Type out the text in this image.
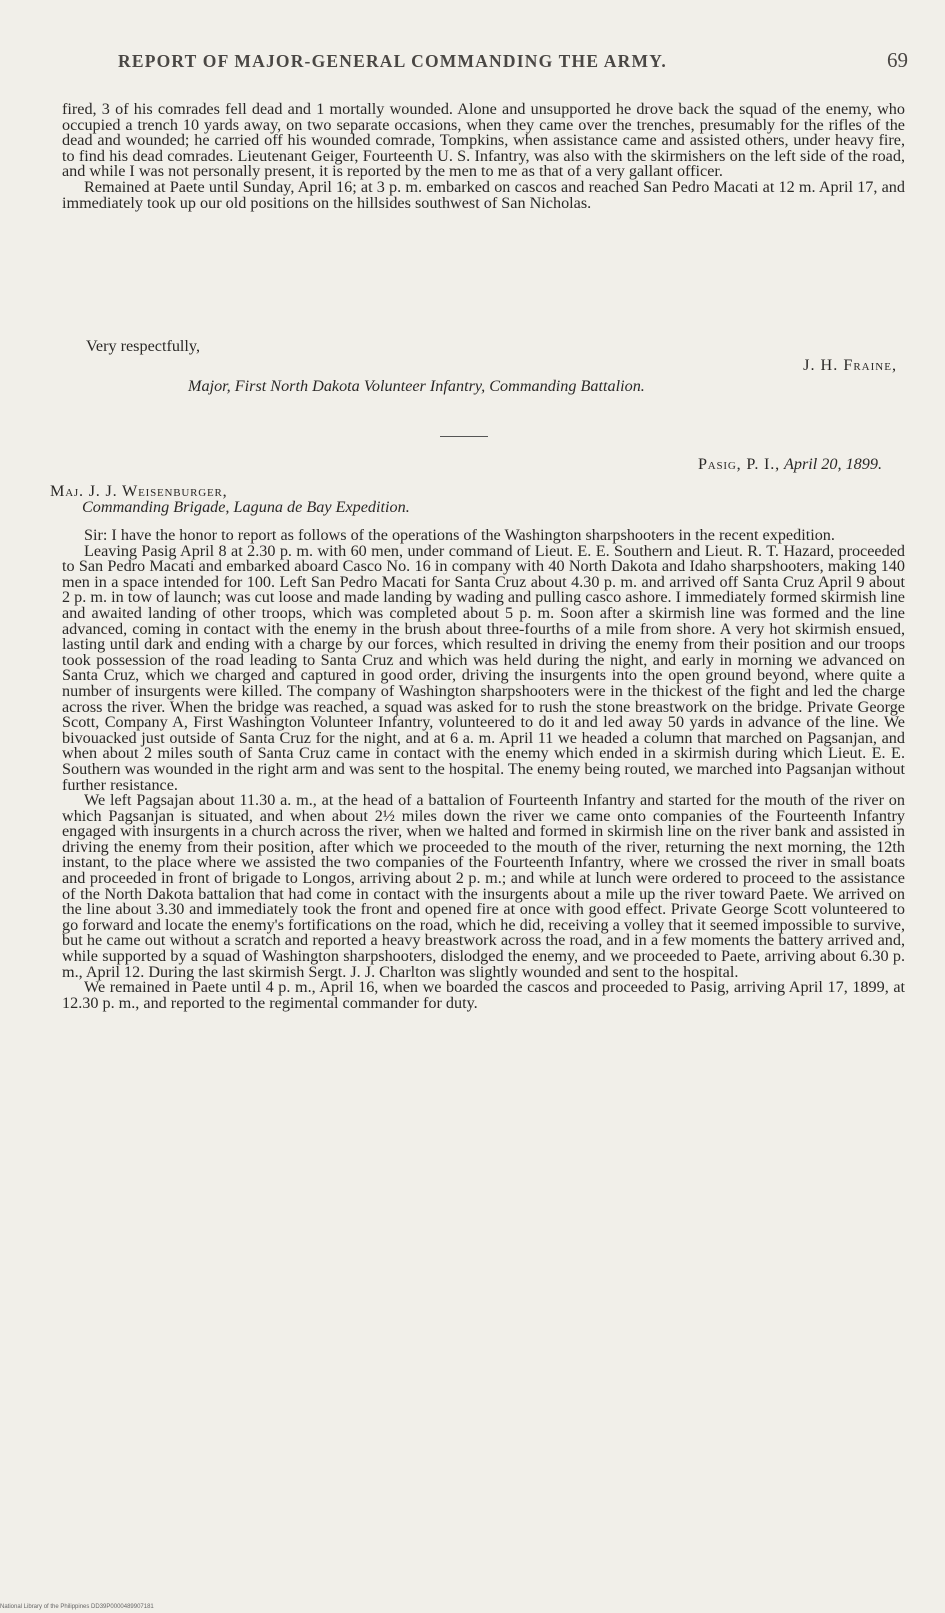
REPORT OF MAJOR-GENERAL COMMANDING THE ARMY.	69

fired, 3 of his comrades fell dead and 1 mortally wounded. Alone and unsupported he drove back the squad of the enemy, who occupied a trench 10 yards away, on two separate occasions, when they came over the trenches, presumably for the rifles of the dead and wounded; he carried off his wounded comrade, Tompkins, when assistance came and assisted others, under heavy fire, to find his dead comrades. Lieutenant Geiger, Fourteenth U. S. Infantry, was also with the skirmishers on the left side of the road, and while I was not personally present, it is reported by the men to me as that of a very gallant officer.

Remained at Paete until Sunday, April 16; at 3 p. m. embarked on cascos and reached San Pedro Macati at 12 m. April 17, and immediately took up our old positions on the hillsides southwest of San Nicholas.

Very respectfully,
J. H. Fraine,
Major, First North Dakota Volunteer Infantry, Commanding Battalion.
Pasig, P. I., April 20, 1899.
Maj. J. J. Weisenburger,
Commanding Brigade, Laguna de Bay Expedition.

Sir: I have the honor to report as follows of the operations of the Washington sharpshooters in the recent expedition.

Leaving Pasig April 8 at 2.30 p. m. with 60 men, under command of Lieut. E. E. Southern and Lieut. R. T. Hazard, proceeded to San Pedro Macati and embarked aboard Casco No. 16 in company with 40 North Dakota and Idaho sharpshooters, making 140 men in a space intended for 100. Left San Pedro Macati for Santa Cruz about 4.30 p. m. and arrived off Santa Cruz April 9 about 2 p. m. in tow of launch; was cut loose and made landing by wading and pulling casco ashore. I immediately formed skirmish line and awaited landing of other troops, which was completed about 5 p. m. Soon after a skirmish line was formed and the line advanced, coming in contact with the enemy in the brush about three-fourths of a mile from shore. A very hot skirmish ensued, lasting until dark and ending with a charge by our forces, which resulted in driving the enemy from their position and our troops took possession of the road leading to Santa Cruz and which was held during the night, and early in morning we advanced on Santa Cruz, which we charged and captured in good order, driving the insurgents into the open ground beyond, where quite a number of insurgents were killed. The company of Washington sharpshooters were in the thickest of the fight and led the charge across the river. When the bridge was reached, a squad was asked for to rush the stone breastwork on the bridge. Private George Scott, Company A, First Washington Volunteer Infantry, volunteered to do it and led away 50 yards in advance of the line. We bivouacked just outside of Santa Cruz for the night, and at 6 a. m. April 11 we headed a column that marched on Pagsanjan, and when about 2 miles south of Santa Cruz came in contact with the enemy which ended in a skirmish during which Lieut. E. E. Southern was wounded in the right arm and was sent to the hospital. The enemy being routed, we marched into Pagsanjan without further resistance.

We left Pagsajan about 11.30 a. m., at the head of a battalion of Fourteenth Infantry and started for the mouth of the river on which Pagsanjan is situated, and when about 2½ miles down the river we came onto companies of the Fourteenth Infantry engaged with insurgents in a church across the river, when we halted and formed in skirmish line on the river bank and assisted in driving the enemy from their position, after which we proceeded to the mouth of the river, returning the next morning, the 12th instant, to the place where we assisted the two companies of the Fourteenth Infantry, where we crossed the river in small boats and proceeded in front of brigade to Longos, arriving about 2 p. m.; and while at lunch were ordered to proceed to the assistance of the North Dakota battalion that had come in contact with the insurgents about a mile up the river toward Paete. We arrived on the line about 3.30 and immediately took the front and opened fire at once with good effect. Private George Scott volunteered to go forward and locate the enemy's fortifications on the road, which he did, receiving a volley that it seemed impossible to survive, but he came out without a scratch and reported a heavy breastwork across the road, and in a few moments the battery arrived and, while supported by a squad of Washington sharpshooters, dislodged the enemy, and we proceeded to Paete, arriving about 6.30 p. m., April 12. During the last skirmish Sergt. J. J. Charlton was slightly wounded and sent to the hospital.

We remained in Paete until 4 p. m., April 16, when we boarded the cascos and proceeded to Pasig, arriving April 17, 1899, at 12.30 p. m., and reported to the regimental commander for duty.

National Library of the Philippines DD39P0000489907181
